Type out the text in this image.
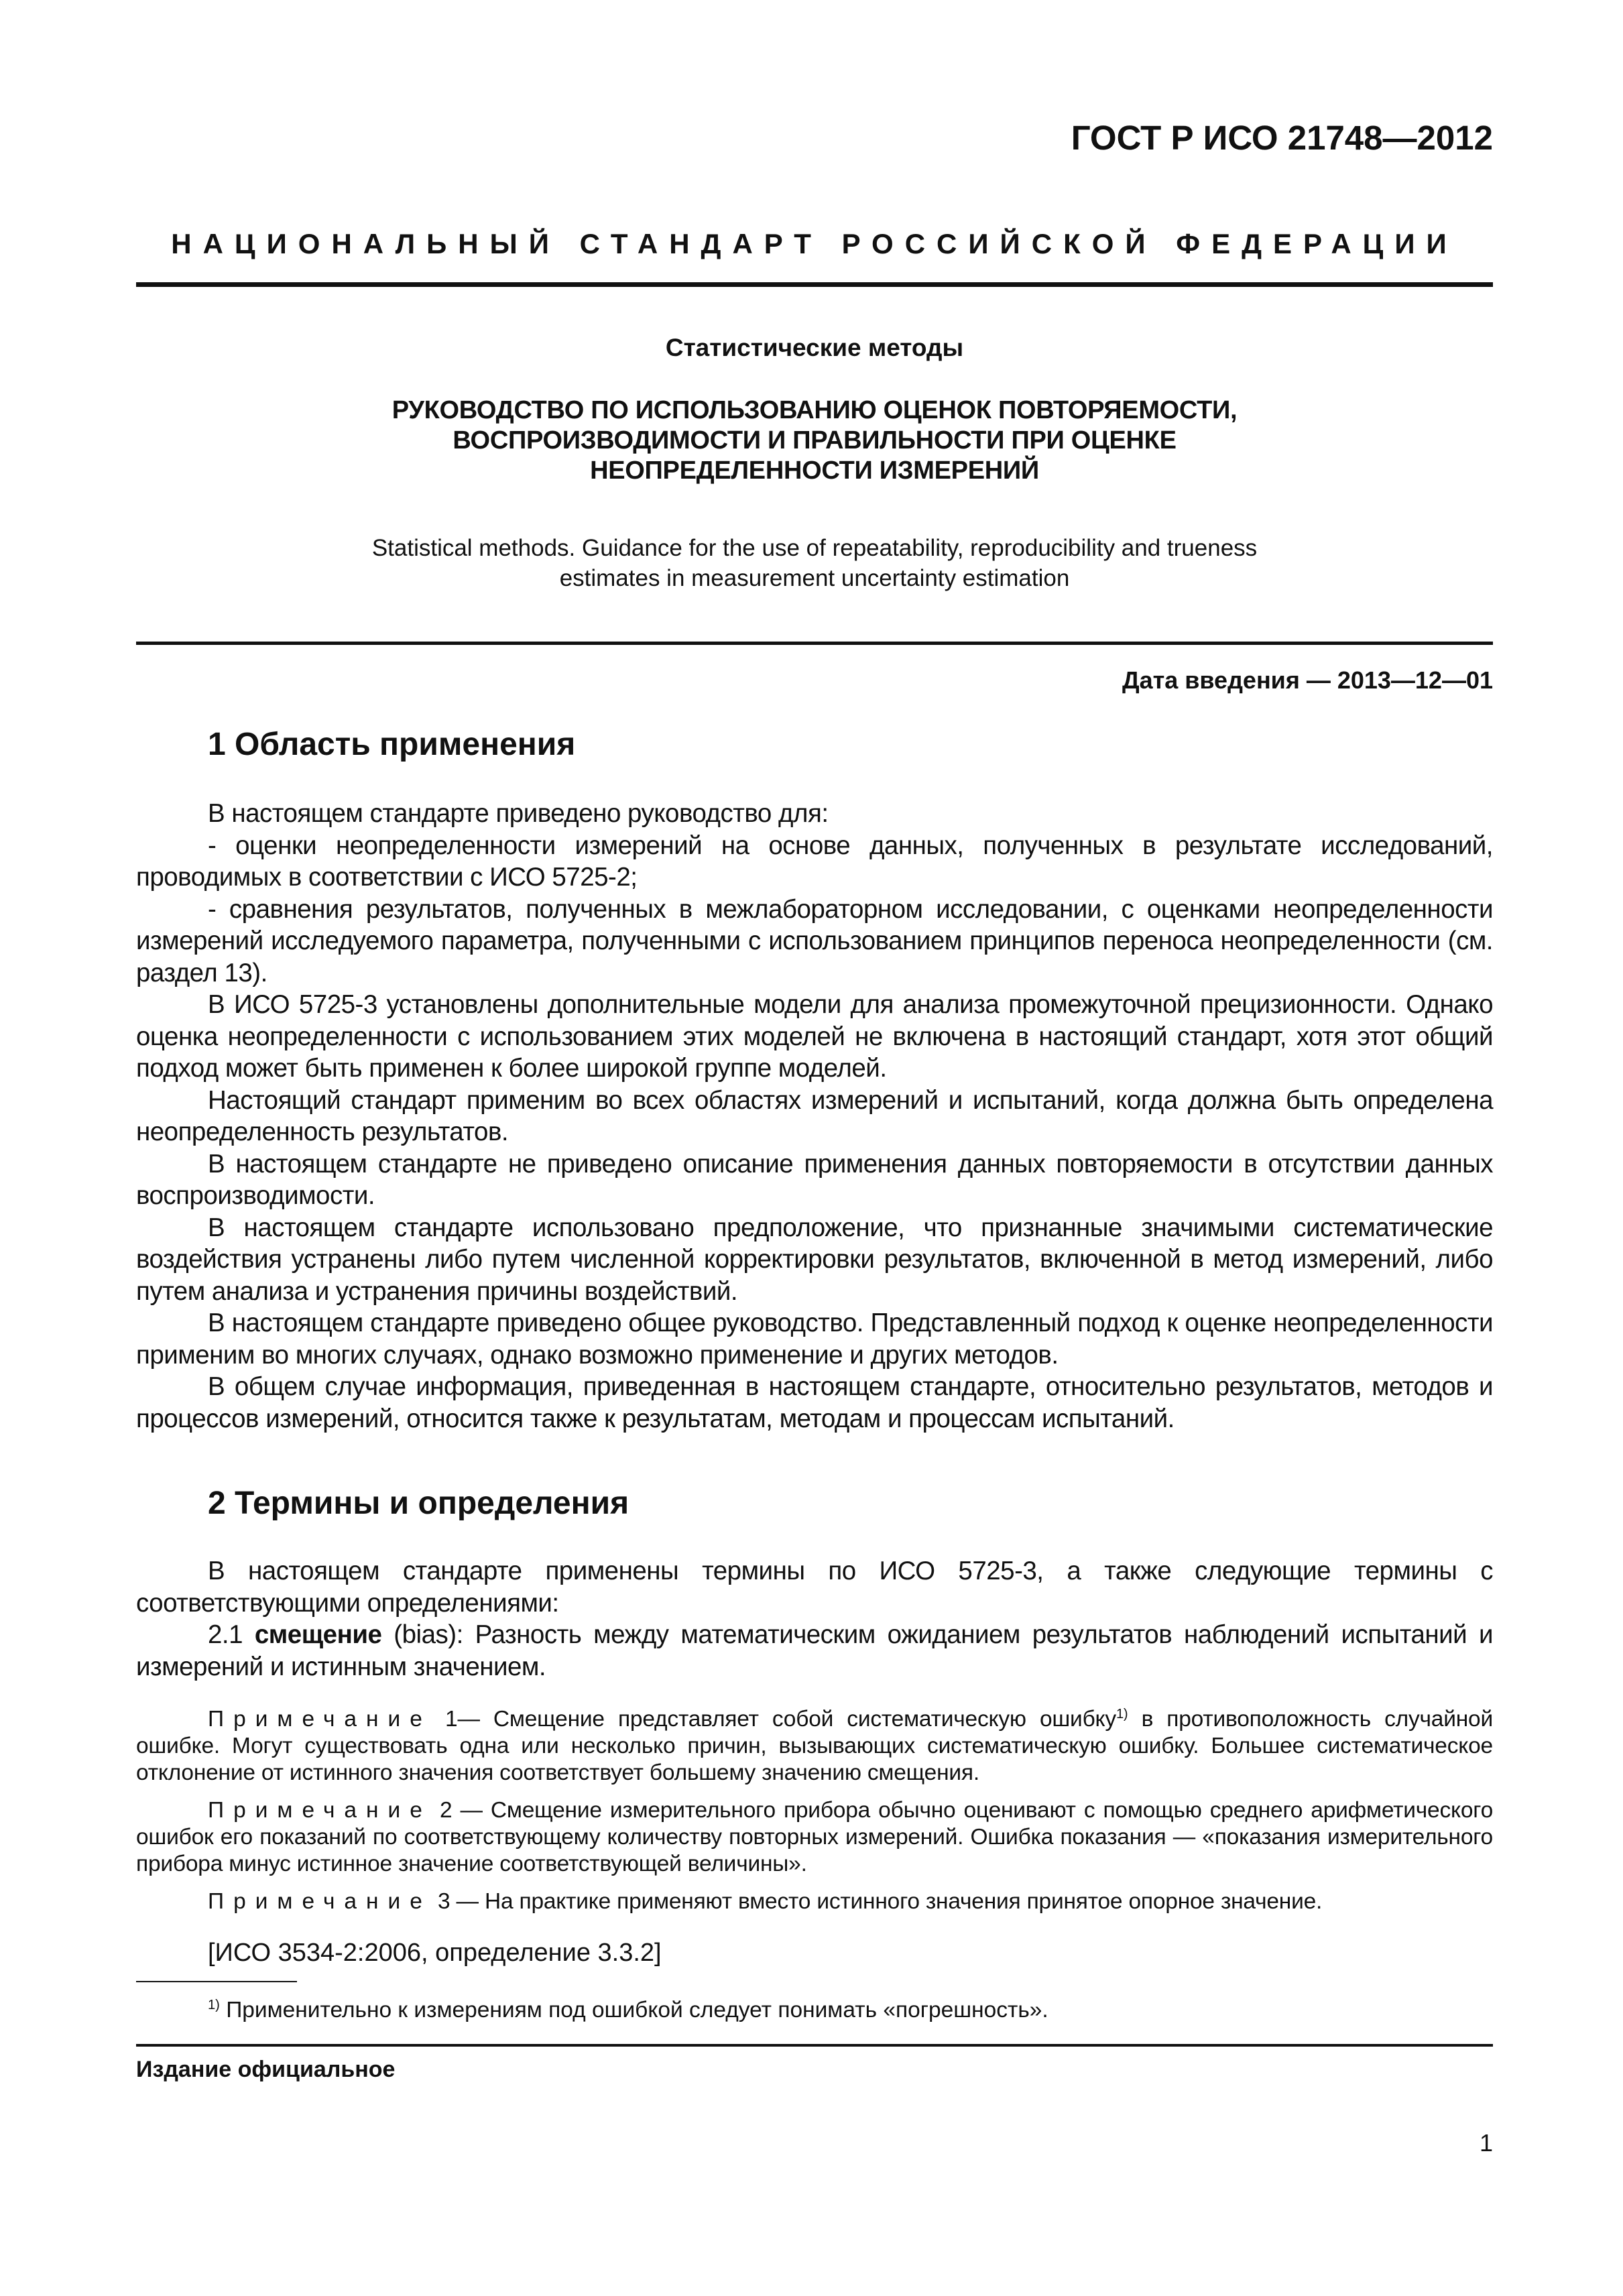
ГОСТ Р ИСО 21748—2012
НАЦИОНАЛЬНЫЙ СТАНДАРТ РОССИЙСКОЙ ФЕДЕРАЦИИ
Статистические методы
РУКОВОДСТВО ПО ИСПОЛЬЗОВАНИЮ ОЦЕНОК ПОВТОРЯЕМОСТИ,
ВОСПРОИЗВОДИМОСТИ И ПРАВИЛЬНОСТИ ПРИ ОЦЕНКЕ
НЕОПРЕДЕЛЕННОСТИ ИЗМЕРЕНИЙ
Statistical methods. Guidance for the use of repeatability, reproducibility and trueness
estimates in measurement uncertainty estimation
Дата введения — 2013—12—01
1 Область применения

В настоящем стандарте приведено руководство для:

- оценки неопределенности измерений на основе данных, полученных в результате исследований, проводимых в соответствии с ИСО 5725-2;

- сравнения результатов, полученных в межлабораторном исследовании, с оценками неопределенности измерений исследуемого параметра, полученными с использованием принципов переноса неопределенности (см. раздел 13).

В ИСО 5725-3 установлены дополнительные модели для анализа промежуточной прецизионности. Однако оценка неопределенности с использованием этих моделей не включена в настоящий стандарт, хотя этот общий подход может быть применен к более широкой группе моделей.

Настоящий стандарт применим во всех областях измерений и испытаний, когда должна быть определена неопределенность результатов.

В настоящем стандарте не приведено описание применения данных повторяемости в отсутствии данных воспроизводимости.

В настоящем стандарте использовано предположение, что признанные значимыми систематические воздействия устранены либо путем численной корректировки результатов, включенной в метод измерений, либо путем анализа и устранения причины воздействий.

В настоящем стандарте приведено общее руководство. Представленный подход к оценке неопределенности применим во многих случаях, однако возможно применение и других методов.

В общем случае информация, приведенная в настоящем стандарте, относительно результатов, методов и процессов измерений, относится также к результатам, методам и процессам испытаний.

2 Термины и определения

В настоящем стандарте применены термины по ИСО 5725-3, а также следующие термины с соответствующими определениями:

2.1 смещение (bias): Разность между математическим ожиданием результатов наблюдений испытаний и измерений и истинным значением.

Примечание 1— Смещение представляет собой систематическую ошибку$^{1)}$ в противоположность случайной ошибке. Могут существовать одна или несколько причин, вызывающих систематическую ошибку. Большее систематическое отклонение от истинного значения соответствует большему значению смещения.

Примечание 2 — Смещение измерительного прибора обычно оценивают с помощью среднего арифметического ошибок его показаний по соответствующему количеству повторных измерений. Ошибка показания — «показания измерительного прибора минус истинное значение соответствующей величины».

Примечание 3 — На практике применяют вместо истинного значения принятое опорное значение.

[ИСО 3534-2:2006, определение 3.3.2]
$^{1)}$ Применительно к измерениям под ошибкой следует понимать «погрешность».
Издание официальное
1
